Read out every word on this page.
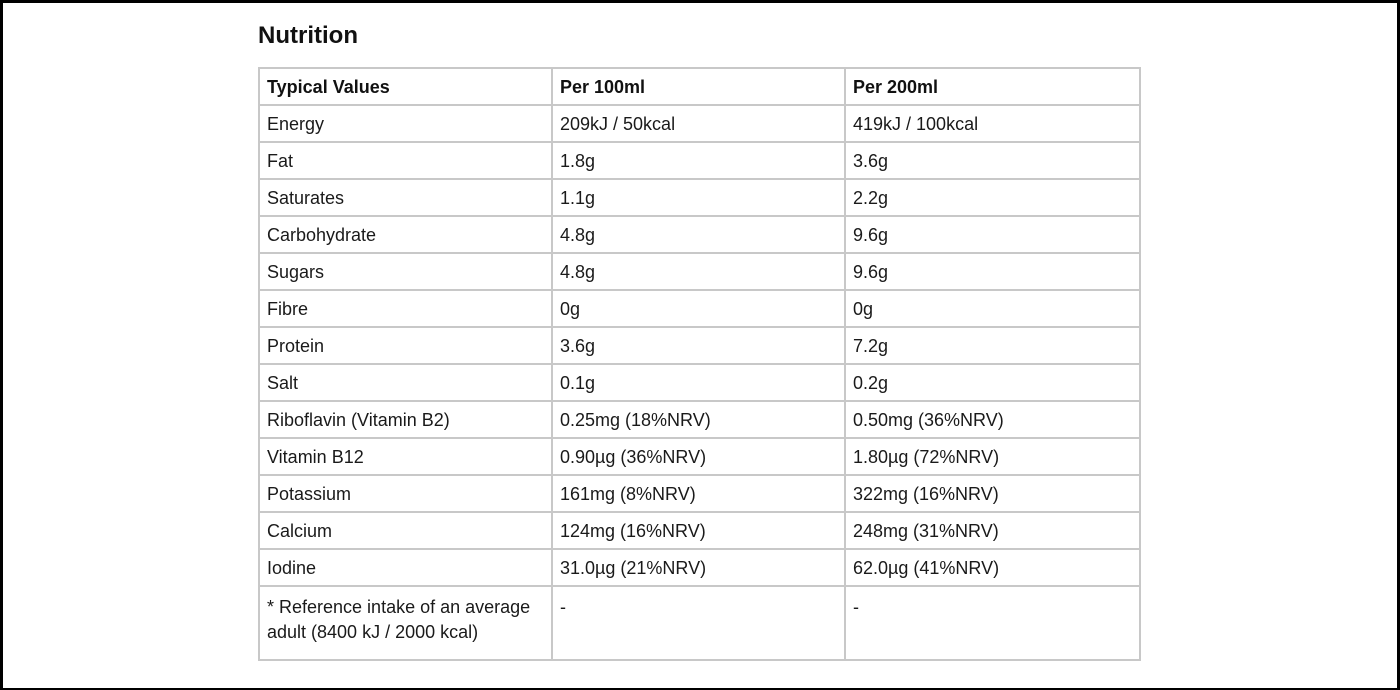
Nutrition
Typical Values	Per 100ml	Per 200ml
Energy	209kJ / 50kcal	419kJ / 100kcal
Fat	1.8g	3.6g
Saturates	1.1g	2.2g
Carbohydrate	4.8g	9.6g
Sugars	4.8g	9.6g
Fibre	0g	0g
Protein	3.6g	7.2g
Salt	0.1g	0.2g
Riboflavin (Vitamin B2)	0.25mg (18%NRV)	0.50mg (36%NRV)
Vitamin B12	0.90µg (36%NRV)	1.80µg (72%NRV)
Potassium	161mg (8%NRV)	322mg (16%NRV)
Calcium	124mg (16%NRV)	248mg (31%NRV)
Iodine	31.0µg (21%NRV)	62.0µg (41%NRV)
* Reference intake of an average adult (8400 kJ / 2000 kcal)	-	-
